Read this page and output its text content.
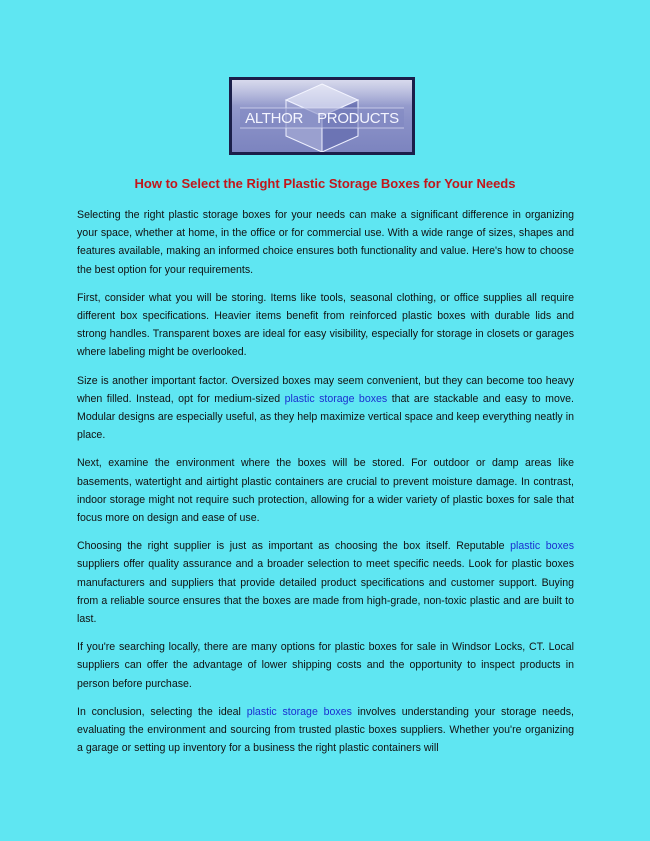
ALTHOR PRODUCTS
How to Select the Right Plastic Storage Boxes for Your Needs

Selecting the right plastic storage boxes for your needs can make a significant difference in organizing your space, whether at home, in the office or for commercial use. With a wide range of sizes, shapes and features available, making an informed choice ensures both functionality and value. Here's how to choose the best option for your requirements.

First, consider what you will be storing. Items like tools, seasonal clothing, or office supplies all require different box specifications. Heavier items benefit from reinforced plastic boxes with durable lids and strong handles. Transparent boxes are ideal for easy visibility, especially for storage in closets or garages where labeling might be overlooked.

Size is another important factor. Oversized boxes may seem convenient, but they can become too heavy when filled. Instead, opt for medium-sized plastic storage boxes that are stackable and easy to move. Modular designs are especially useful, as they help maximize vertical space and keep everything neatly in place.

Next, examine the environment where the boxes will be stored. For outdoor or damp areas like basements, watertight and airtight plastic containers are crucial to prevent moisture damage. In contrast, indoor storage might not require such protection, allowing for a wider variety of plastic boxes for sale that focus more on design and ease of use.

Choosing the right supplier is just as important as choosing the box itself. Reputable plastic boxes suppliers offer quality assurance and a broader selection to meet specific needs. Look for plastic boxes manufacturers and suppliers that provide detailed product specifications and customer support. Buying from a reliable source ensures that the boxes are made from high-grade, non-toxic plastic and are built to last.

If you're searching locally, there are many options for plastic boxes for sale in Windsor Locks, CT. Local suppliers can offer the advantage of lower shipping costs and the opportunity to inspect products in person before purchase.

In conclusion, selecting the ideal plastic storage boxes involves understanding your storage needs, evaluating the environment and sourcing from trusted plastic boxes suppliers. Whether you're organizing a garage or setting up inventory for a business the right plastic containers will
